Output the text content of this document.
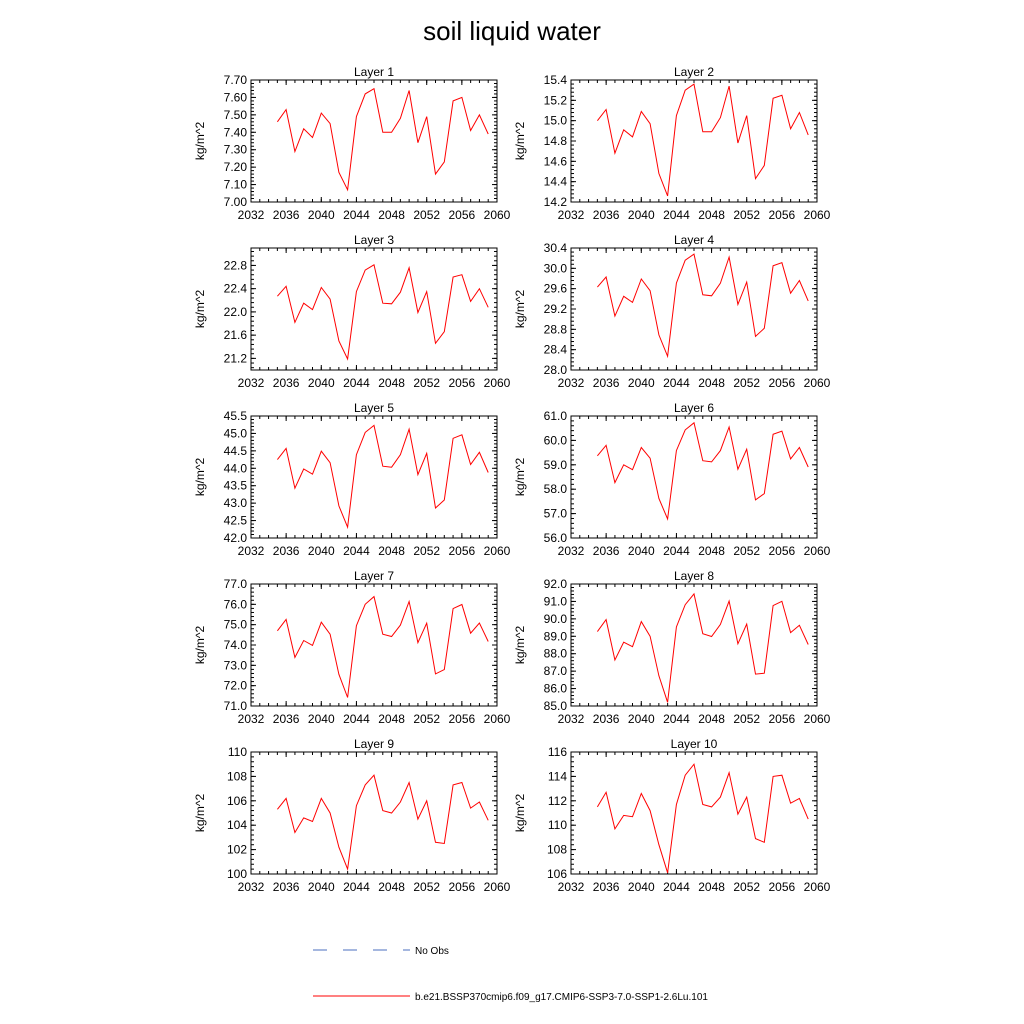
soil liquid water
Layer 1
kg/m^2
7.00
7.10
7.20
7.30
7.40
7.50
7.60
7.70
2032 2036 2040 2044 2048 2052 2056 2060
Layer 2
kg/m^2
14.2
14.4
14.6
14.8
15.0
15.2
15.4
2032 2036 2040 2044 2048 2052 2056 2060
Layer 3
kg/m^2
21.2
21.6
22.0
22.4
22.8
2032 2036 2040 2044 2048 2052 2056 2060
Layer 4
kg/m^2
28.0
28.4
28.8
29.2
29.6
30.0
30.4
2032 2036 2040 2044 2048 2052 2056 2060
Layer 5
kg/m^2
42.0
42.5
43.0
43.5
44.0
44.5
45.0
45.5
2032 2036 2040 2044 2048 2052 2056 2060
Layer 6
kg/m^2
56.0
57.0
58.0
59.0
60.0
61.0
2032 2036 2040 2044 2048 2052 2056 2060
Layer 7
kg/m^2
71.0
72.0
73.0
74.0
75.0
76.0
77.0
2032 2036 2040 2044 2048 2052 2056 2060
Layer 8
kg/m^2
85.0
86.0
87.0
88.0
89.0
90.0
91.0
92.0
2032 2036 2040 2044 2048 2052 2056 2060
Layer 9
kg/m^2
100
102
104
106
108
110
2032 2036 2040 2044 2048 2052 2056 2060
Layer 10
kg/m^2
106
108
110
112
114
116
2032 2036 2040 2044 2048 2052 2056 2060
No Obs
b.e21.BSSP370cmip6.f09_g17.CMIP6-SSP3-7.0-SSP1-2.6Lu.101
